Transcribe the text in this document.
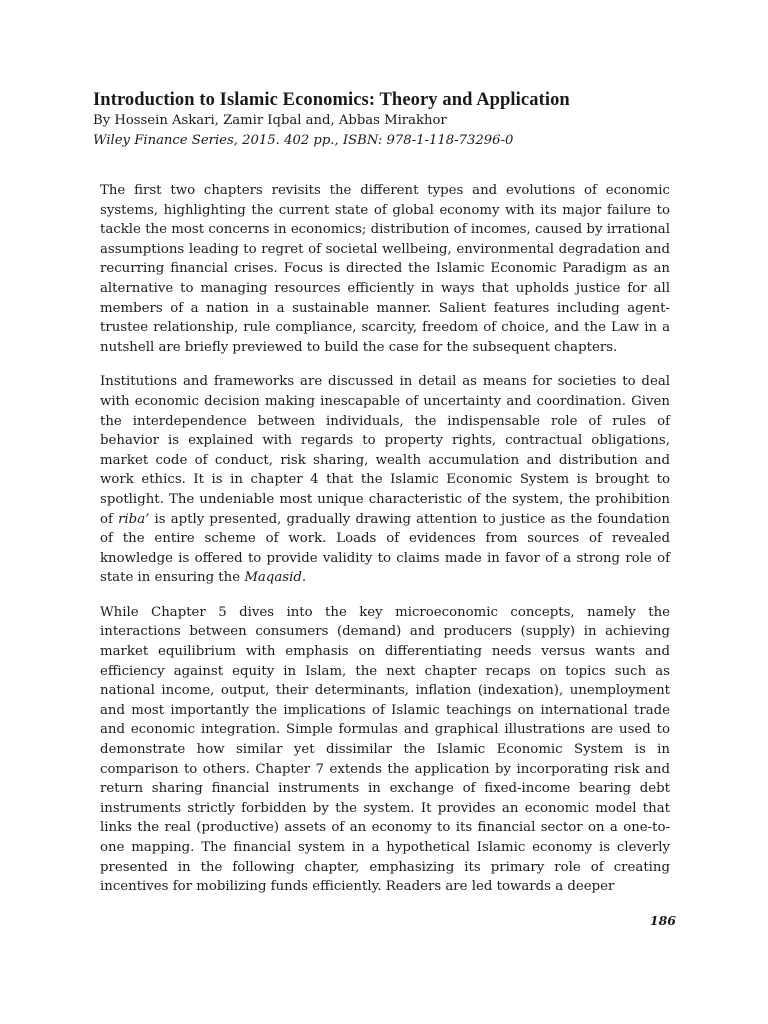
Introduction to Islamic Economics: Theory and Application
By Hossein Askari, Zamir Iqbal and, Abbas Mirakhor
Wiley Finance Series, 2015. 402 pp., ISBN: 978-1-118-73296-0

The first two chapters revisits the different types and evolutions of economic systems, highlighting the current state of global economy with its major failure to tackle the most concerns in economics; distribution of incomes, caused by irrational assumptions leading to regret of societal wellbeing, environmental degradation and recurring financial crises. Focus is directed the Islamic Economic Paradigm as an alternative to managing resources efficiently in ways that upholds justice for all members of a nation in a sustainable manner. Salient features including agent-trustee relationship, rule compliance, scarcity, freedom of choice, and the Law in a nutshell are briefly previewed to build the case for the subsequent chapters.

Institutions and frameworks are discussed in detail as means for societies to deal with economic decision making inescapable of uncertainty and coordination. Given the interdependence between individuals, the indispensable role of rules of behavior is explained with regards to property rights, contractual obligations, market code of conduct, risk sharing, wealth accumulation and distribution and work ethics. It is in chapter 4 that the Islamic Economic System is brought to spotlight. The undeniable most unique characteristic of the system, the prohibition of riba’ is aptly presented, gradually drawing attention to justice as the foundation of the entire scheme of work. Loads of evidences from sources of revealed knowledge is offered to provide validity to claims made in favor of a strong role of state in ensuring the Maqasid.

While Chapter 5 dives into the key microeconomic concepts, namely the interactions between consumers (demand) and producers (supply) in achieving market equilibrium with emphasis on differentiating needs versus wants and efficiency against equity in Islam, the next chapter recaps on topics such as national income, output, their determinants, inflation (indexation), unemployment and most importantly the implications of Islamic teachings on international trade and economic integration. Simple formulas and graphical illustrations are used to demonstrate how similar yet dissimilar the Islamic Economic System is in comparison to others. Chapter 7 extends the application by incorporating risk and return sharing financial instruments in exchange of fixed-income bearing debt instruments strictly forbidden by the system. It provides an economic model that links the real (productive) assets of an economy to its financial sector on a one-to-one mapping. The financial system in a hypothetical Islamic economy is cleverly presented in the following chapter, emphasizing its primary role of creating incentives for mobilizing funds efficiently. Readers are led towards a deeper

186
